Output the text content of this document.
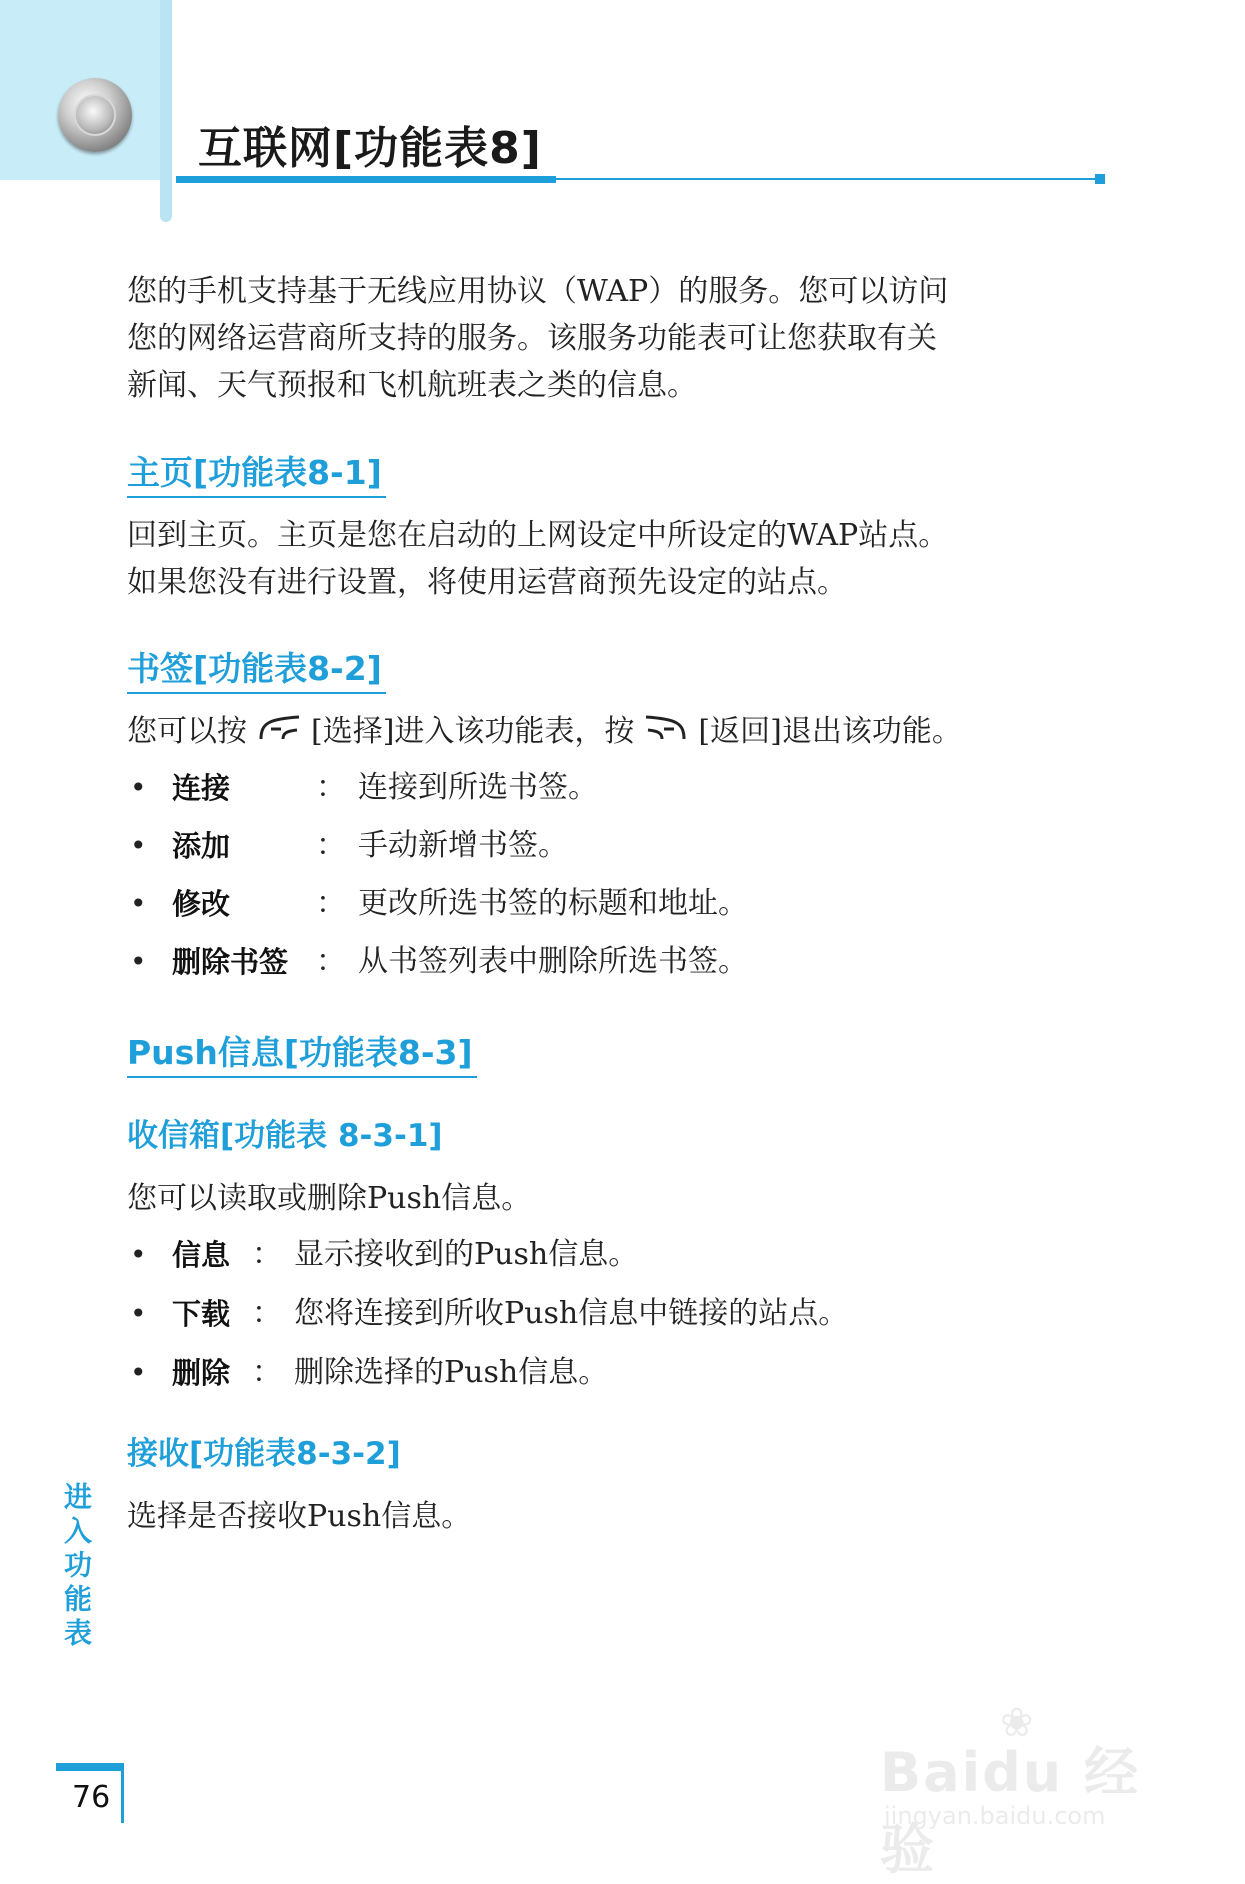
互联网[功能表8]

您的手机支持基于无线应用协议（WAP）的服务。您可以访问

您的网络运营商所支持的服务。该服务功能表可让您获取有关

新闻、天气预报和飞机航班表之类的信息。

主页[功能表8-1]

回到主页。主页是您在启动的上网设定中所设定的WAP站点。

如果您没有进行设置，将使用运营商预先设定的站点。

书签[功能表8-2]

您可以按 [选择]进入该功能表，按 [返回]退出该功能。

• 连接	： 连接到所选书签。
• 添加	： 手动新增书签。
• 修改	： 更改所选书签的标题和地址。
• 删除书签 ： 从书签列表中删除所选书签。
Push信息[功能表8-3]
收信箱[功能表 8-3-1]

您可以读取或删除Push信息。

• 信息 ： 显示接收到的Push信息。
• 下载 ： 您将连接到所收Push信息中链接的站点。
• 删除 ： 删除选择的Push信息。
接收[功能表8-3-2]

选择是否接收Push信息。

进入功能表
76
❀
Baidu 经验
jingyan.baidu.com
